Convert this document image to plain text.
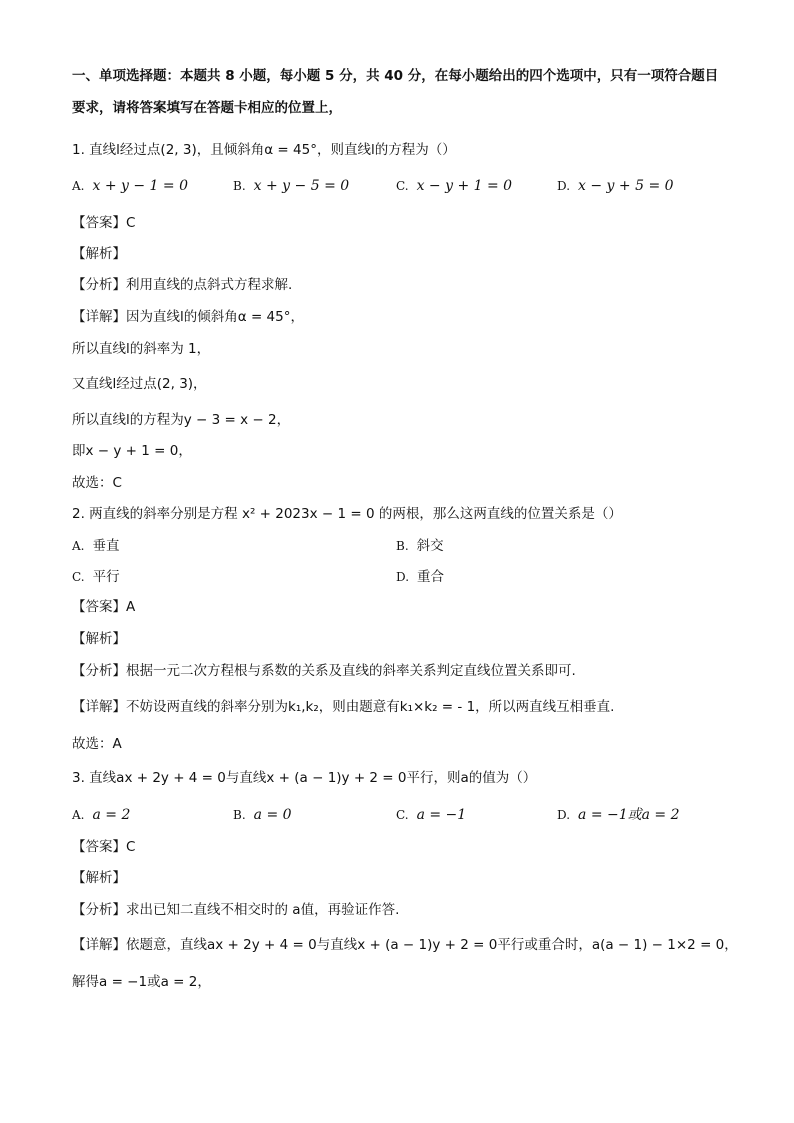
一、单项选择题：本题共 8 小题，每小题 5 分，共 40 分，在每小题给出的四个选项中，只有一项符合题目
要求，请将答案填写在答题卡相应的位置上，
1. 直线l经过点(2, 3)，且倾斜角α = 45°，则直线l的方程为（）
A. x + y − 1 = 0	B. x + y − 5 = 0	C. x − y + 1 = 0	D. x − y + 5 = 0
【答案】C
【解析】
【分析】利用直线的点斜式方程求解.
【详解】因为直线l的倾斜角α = 45°，
所以直线l的斜率为 1，
又直线l经过点(2, 3)，
所以直线l的方程为y − 3 = x − 2，
即x − y + 1 = 0，
故选：C
2. 两直线的斜率分别是方程 x² + 2023x − 1 = 0 的两根，那么这两直线的位置关系是（）
A. 垂直	B. 斜交
C. 平行	D. 重合
【答案】A
【解析】
【分析】根据一元二次方程根与系数的关系及直线的斜率关系判定直线位置关系即可.
【详解】不妨设两直线的斜率分别为k₁,k₂，则由题意有k₁×k₂ = - 1，所以两直线互相垂直.
故选：A
3. 直线ax + 2y + 4 = 0与直线x + (a − 1)y + 2 = 0平行，则a的值为（）
A. a = 2	B. a = 0	C. a = −1	D. a = −1或a = 2
【答案】C
【解析】
【分析】求出已知二直线不相交时的 a值，再验证作答.
【详解】依题意，直线ax + 2y + 4 = 0与直线x + (a − 1)y + 2 = 0平行或重合时，a(a − 1) − 1×2 = 0，
解得a = −1或a = 2，
